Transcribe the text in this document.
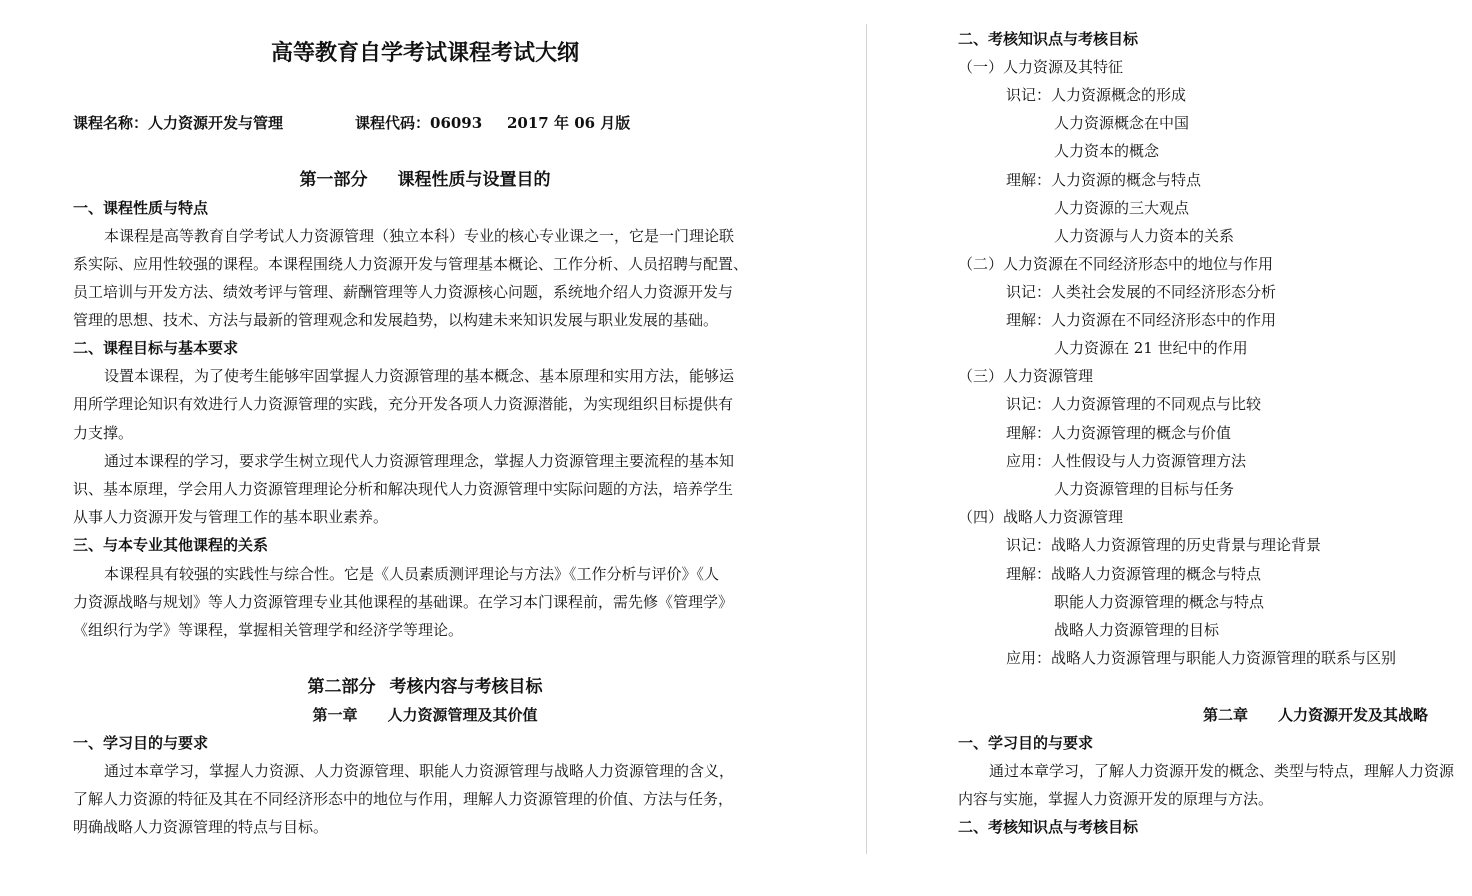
高等教育自学考试课程考试大纲
课程名称：人力资源开发与管理	课程代码：06093 2017 年 06 月版
第一部分 课程性质与设置目的
一、课程性质与特点
本课程是高等教育自学考试人力资源管理（独立本科）专业的核心专业课之一，它是一门理论联
系实际、应用性较强的课程。本课程围绕人力资源开发与管理基本概论、工作分析、人员招聘与配置、
员工培训与开发方法、绩效考评与管理、薪酬管理等人力资源核心问题，系统地介绍人力资源开发与
管理的思想、技术、方法与最新的管理观念和发展趋势，以构建未来知识发展与职业发展的基础。
二、课程目标与基本要求
设置本课程，为了使考生能够牢固掌握人力资源管理的基本概念、基本原理和实用方法，能够运
用所学理论知识有效进行人力资源管理的实践，充分开发各项人力资源潜能，为实现组织目标提供有
力支撑。
通过本课程的学习，要求学生树立现代人力资源管理理念，掌握人力资源管理主要流程的基本知
识、基本原理，学会用人力资源管理理论分析和解决现代人力资源管理中实际问题的方法，培养学生
从事人力资源开发与管理工作的基本职业素养。
三、与本专业其他课程的关系
本课程具有较强的实践性与综合性。它是《人员素质测评理论与方法》《工作分析与评价》《人
力资源战略与规划》等人力资源管理专业其他课程的基础课。在学习本门课程前，需先修《管理学》
《组织行为学》等课程，掌握相关管理学和经济学等理论。
第二部分 考核内容与考核目标
第一章 人力资源管理及其价值
一、学习目的与要求
通过本章学习，掌握人力资源、人力资源管理、职能人力资源管理与战略人力资源管理的含义，
了解人力资源的特征及其在不同经济形态中的地位与作用，理解人力资源管理的价值、方法与任务，
明确战略人力资源管理的特点与目标。
二、考核知识点与考核目标
（一）人力资源及其特征
识记：人力资源概念的形成
人力资源概念在中国
人力资本的概念
理解：人力资源的概念与特点
人力资源的三大观点
人力资源与人力资本的关系
（二）人力资源在不同经济形态中的地位与作用
识记：人类社会发展的不同经济形态分析
理解：人力资源在不同经济形态中的作用
人力资源在 21 世纪中的作用
（三）人力资源管理
识记：人力资源管理的不同观点与比较
理解：人力资源管理的概念与价值
应用：人性假设与人力资源管理方法
人力资源管理的目标与任务
（四）战略人力资源管理
识记：战略人力资源管理的历史背景与理论背景
理解：战略人力资源管理的概念与特点
职能人力资源管理的概念与特点
战略人力资源管理的目标
应用：战略人力资源管理与职能人力资源管理的联系与区别
第二章 人力资源开发及其战略
一、学习目的与要求
通过本章学习，了解人力资源开发的概念、类型与特点，理解人力资源
内容与实施，掌握人力资源开发的原理与方法。
二、考核知识点与考核目标
